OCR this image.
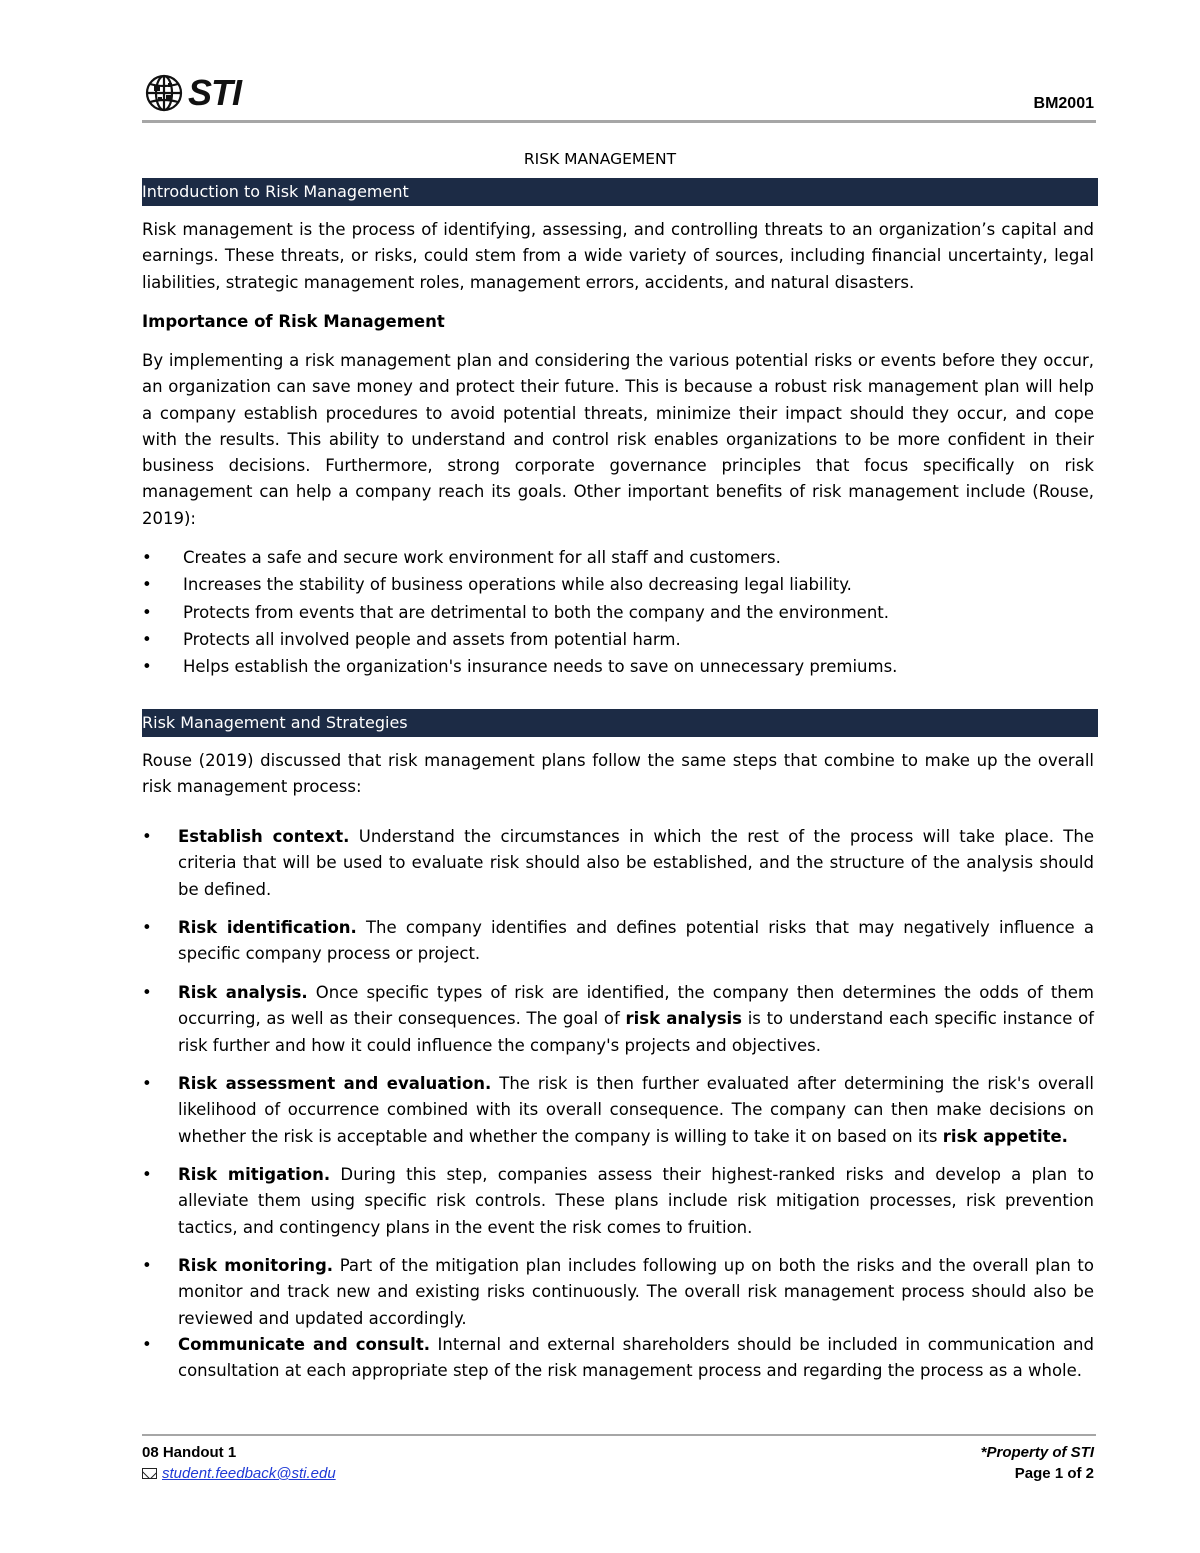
STI	BM2001
RISK MANAGEMENT
Introduction to Risk Management

Risk management is the process of identifying, assessing, and controlling threats to an organization’s capital and earnings. These threats, or risks, could stem from a wide variety of sources, including financial uncertainty, legal liabilities, strategic management roles, management errors, accidents, and natural disasters.

Importance of Risk Management

By implementing a risk management plan and considering the various potential risks or events before they occur, an organization can save money and protect their future. This is because a robust risk management plan will help a company establish procedures to avoid potential threats, minimize their impact should they occur, and cope with the results. This ability to understand and control risk enables organizations to be more confident in their business decisions. Furthermore, strong corporate governance principles that focus specifically on risk management can help a company reach its goals. Other important benefits of risk management include (Rouse, 2019):

• Creates a safe and secure work environment for all staff and customers.
• Increases the stability of business operations while also decreasing legal liability.
• Protects from events that are detrimental to both the company and the environment.
• Protects all involved people and assets from potential harm.
• Helps establish the organization's insurance needs to save on unnecessary premiums.
Risk Management and Strategies

Rouse (2019) discussed that risk management plans follow the same steps that combine to make up the overall risk management process:

• Establish context. Understand the circumstances in which the rest of the process will take place. The criteria that will be used to evaluate risk should also be established, and the structure of the analysis should be defined.
• Risk identification. The company identifies and defines potential risks that may negatively influence a specific company process or project.
• Risk analysis. Once specific types of risk are identified, the company then determines the odds of them occurring, as well as their consequences. The goal of risk analysis is to understand each specific instance of risk further and how it could influence the company's projects and objectives.
• Risk assessment and evaluation. The risk is then further evaluated after determining the risk's overall likelihood of occurrence combined with its overall consequence. The company can then make decisions on whether the risk is acceptable and whether the company is willing to take it on based on its risk appetite.
• Risk mitigation. During this step, companies assess their highest-ranked risks and develop a plan to alleviate them using specific risk controls. These plans include risk mitigation processes, risk prevention tactics, and contingency plans in the event the risk comes to fruition.
• Risk monitoring. Part of the mitigation plan includes following up on both the risks and the overall plan to monitor and track new and existing risks continuously. The overall risk management process should also be reviewed and updated accordingly.
• Communicate and consult. Internal and external shareholders should be included in communication and consultation at each appropriate step of the risk management process and regarding the process as a whole.
08 Handout 1
student.feedback@sti.edu
*Property of STI
Page 1 of 2
